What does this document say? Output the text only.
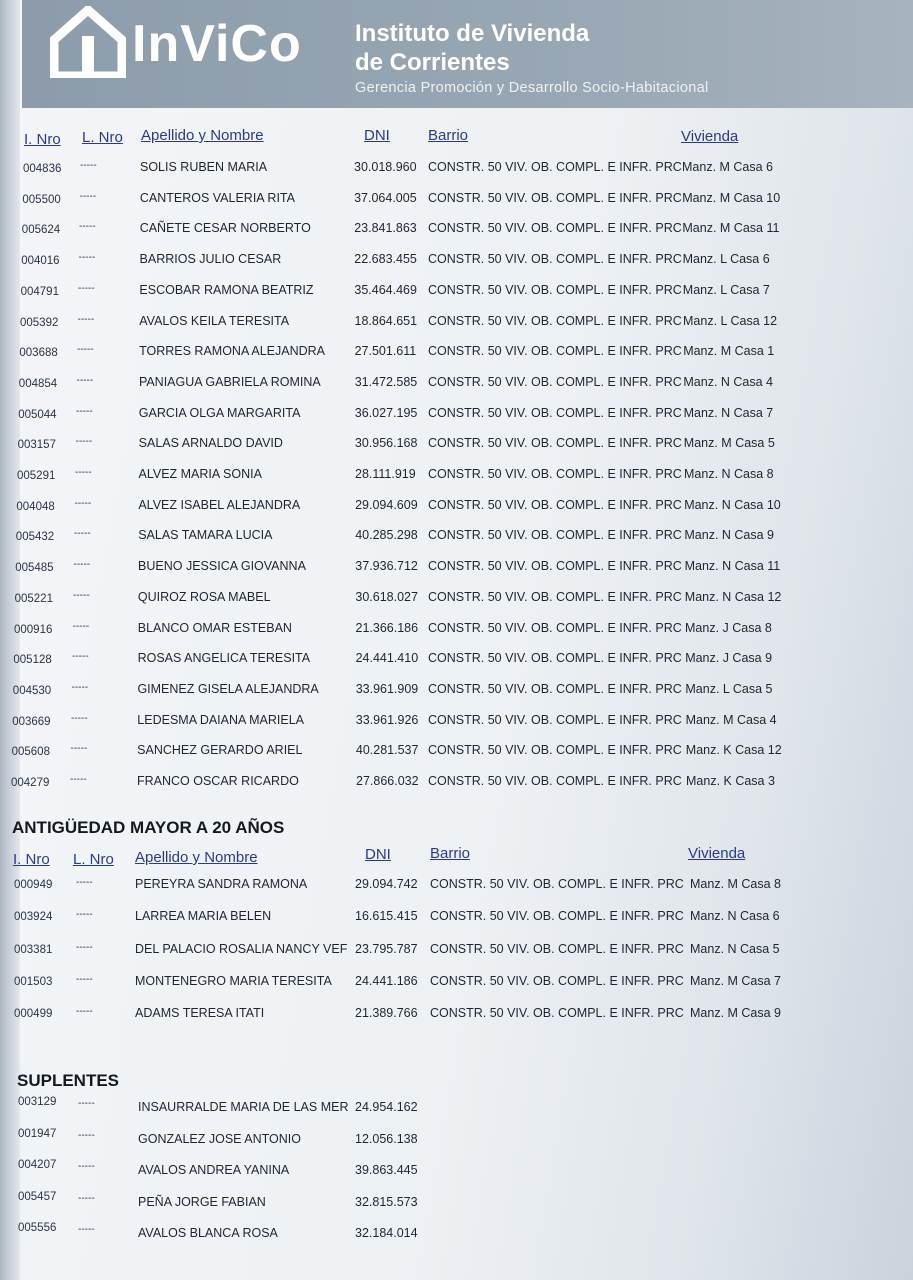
InViCo Instituto de Vivienda
de Corrientes
Gerencia Promoción y Desarrollo Socio-Habitacional
I. Nro L. Nro Apellido y Nombre	DNI	Barrio	Vivienda
004836 -----	SOLIS RUBEN MARIA	30.018.960 CONSTR. 50 VIV. OB. COMPL. E INFR. PRC Manz. M Casa 6
005500 -----	CANTEROS VALERIA RITA	37.064.005 CONSTR. 50 VIV. OB. COMPL. E INFR. PRC Manz. M Casa 10
005624 -----	CAÑETE CESAR NORBERTO	23.841.863 CONSTR. 50 VIV. OB. COMPL. E INFR. PRC Manz. M Casa 11
004016 -----	BARRIOS JULIO CESAR	22.683.455 CONSTR. 50 VIV. OB. COMPL. E INFR. PRC Manz. L Casa 6
004791 -----	ESCOBAR RAMONA BEATRIZ	35.464.469 CONSTR. 50 VIV. OB. COMPL. E INFR. PRC Manz. L Casa 7
005392 -----	AVALOS KEILA TERESITA	18.864.651 CONSTR. 50 VIV. OB. COMPL. E INFR. PRC Manz. L Casa 12
003688 -----	TORRES RAMONA ALEJANDRA 27.501.611 CONSTR. 50 VIV. OB. COMPL. E INFR. PRC Manz. M Casa 1
004854 -----	PANIAGUA GABRIELA ROMINA	31.472.585 CONSTR. 50 VIV. OB. COMPL. E INFR. PRC Manz. N Casa 4
005044 -----	GARCIA OLGA MARGARITA	36.027.195 CONSTR. 50 VIV. OB. COMPL. E INFR. PRC Manz. N Casa 7
003157 -----	SALAS ARNALDO DAVID	30.956.168 CONSTR. 50 VIV. OB. COMPL. E INFR. PRC Manz. M Casa 5
005291 -----	ALVEZ MARIA SONIA	28.111.919 CONSTR. 50 VIV. OB. COMPL. E INFR. PRC Manz. N Casa 8
004048 -----	ALVEZ ISABEL ALEJANDRA	29.094.609 CONSTR. 50 VIV. OB. COMPL. E INFR. PRC Manz. N Casa 10
005432 -----	SALAS TAMARA LUCIA	40.285.298 CONSTR. 50 VIV. OB. COMPL. E INFR. PRC Manz. N Casa 9
005485 -----	BUENO JESSICA GIOVANNA	37.936.712 CONSTR. 50 VIV. OB. COMPL. E INFR. PRC Manz. N Casa 11
005221 -----	QUIROZ ROSA MABEL	30.618.027 CONSTR. 50 VIV. OB. COMPL. E INFR. PRC Manz. N Casa 12
000916 -----	BLANCO OMAR ESTEBAN	21.366.186 CONSTR. 50 VIV. OB. COMPL. E INFR. PRC Manz. J Casa 8
005128 -----	ROSAS ANGELICA TERESITA	24.441.410 CONSTR. 50 VIV. OB. COMPL. E INFR. PRC Manz. J Casa 9
004530 -----	GIMENEZ GISELA ALEJANDRA	33.961.909 CONSTR. 50 VIV. OB. COMPL. E INFR. PRC Manz. L Casa 5
003669 -----	LEDESMA DAIANA MARIELA	33.961.926 CONSTR. 50 VIV. OB. COMPL. E INFR. PRC Manz. M Casa 4
005608 -----	SANCHEZ GERARDO ARIEL	40.281.537 CONSTR. 50 VIV. OB. COMPL. E INFR. PRC Manz. K Casa 12
004279 -----	FRANCO OSCAR RICARDO	27.866.032 CONSTR. 50 VIV. OB. COMPL. E INFR. PRC Manz. K Casa 3
ANTIGÜEDAD MAYOR A 20 AÑOS
I. Nro L. Nro Apellido y Nombre	DNI	Barrio	Vivienda
000949 -----	PEREYRA SANDRA RAMONA	29.094.742 CONSTR. 50 VIV. OB. COMPL. E INFR. PRC Manz. M Casa 8
003924 -----	LARREA MARIA BELEN	16.615.415 CONSTR. 50 VIV. OB. COMPL. E INFR. PRC Manz. N Casa 6
003381 -----	DEL PALACIO ROSALIA NANCY VEF 23.795.787 CONSTR. 50 VIV. OB. COMPL. E INFR. PRC Manz. N Casa 5
001503 -----	MONTENEGRO MARIA TERESITA 24.441.186 CONSTR. 50 VIV. OB. COMPL. E INFR. PRC Manz. M Casa 7
000499 -----	ADAMS TERESA ITATI	21.389.766 CONSTR. 50 VIV. OB. COMPL. E INFR. PRC Manz. M Casa 9
SUPLENTES
003129 -----	INSAURRALDE MARIA DE LAS MER 24.954.162
001947 -----	GONZALEZ JOSE ANTONIO	12.056.138
004207 -----	AVALOS ANDREA YANINA	39.863.445
005457 -----	PEÑA JORGE FABIAN	32.815.573
005556 -----	AVALOS BLANCA ROSA	32.184.014
